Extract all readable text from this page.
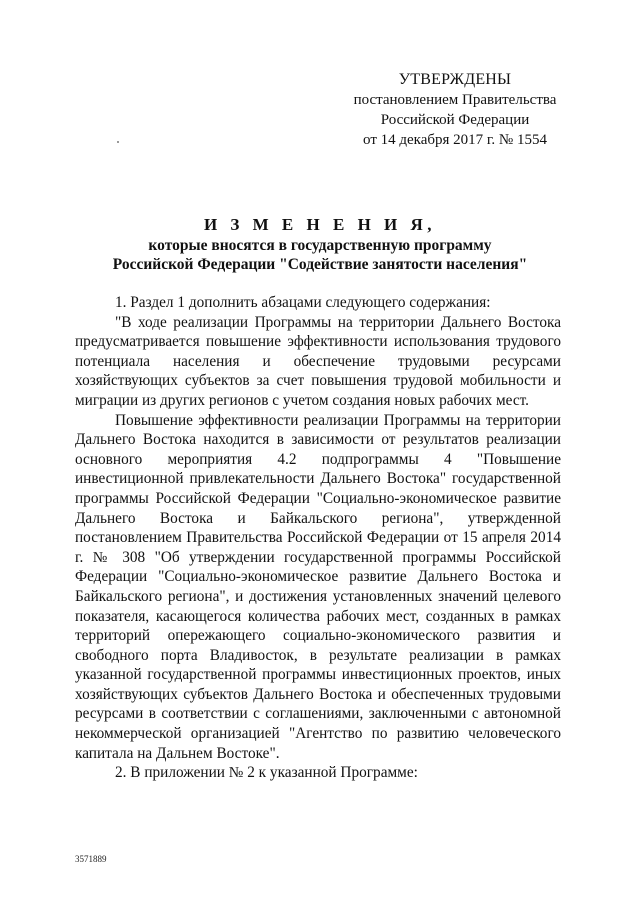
УТВЕРЖДЕНЫ
постановлением Правительства
Российской Федерации
от 14 декабря 2017 г. № 1554
И З М Е Н Е Н И Я,
которые вносятся в государственную программу
Российской Федерации "Содействие занятости населения"

1. Раздел 1 дополнить абзацами следующего содержания:

"В ходе реализации Программы на территории Дальнего Востока предусматривается повышение эффективности использования трудового потенциала населения и обеспечение трудовыми ресурсами хозяйствующих субъектов за счет повышения трудовой мобильности и миграции из других регионов с учетом создания новых рабочих мест.

Повышение эффективности реализации Программы на территории Дальнего Востока находится в зависимости от результатов реализации основного мероприятия 4.2 подпрограммы 4 "Повышение инвестиционной привлекательности Дальнего Востока" государственной программы Российской Федерации "Социально-экономическое развитие Дальнего Востока и Байкальского региона", утвержденной постановлением Правительства Российской Федерации от 15 апреля 2014 г. № 308 "Об утверждении государственной программы Российской Федерации "Социально-экономическое развитие Дальнего Востока и Байкальского региона", и достижения установленных значений целевого показателя, касающегося количества рабочих мест, созданных в рамках территорий опережающего социально-экономического развития и свободного порта Владивосток, в результате реализации в рамках указанной государственной программы инвестиционных проектов, иных хозяйствующих субъектов Дальнего Востока и обеспеченных трудовыми ресурсами в соответствии с соглашениями, заключенными с автономной некоммерческой организацией "Агентство по развитию человеческого капитала на Дальнем Востоке".

2. В приложении № 2 к указанной Программе:

3571889
